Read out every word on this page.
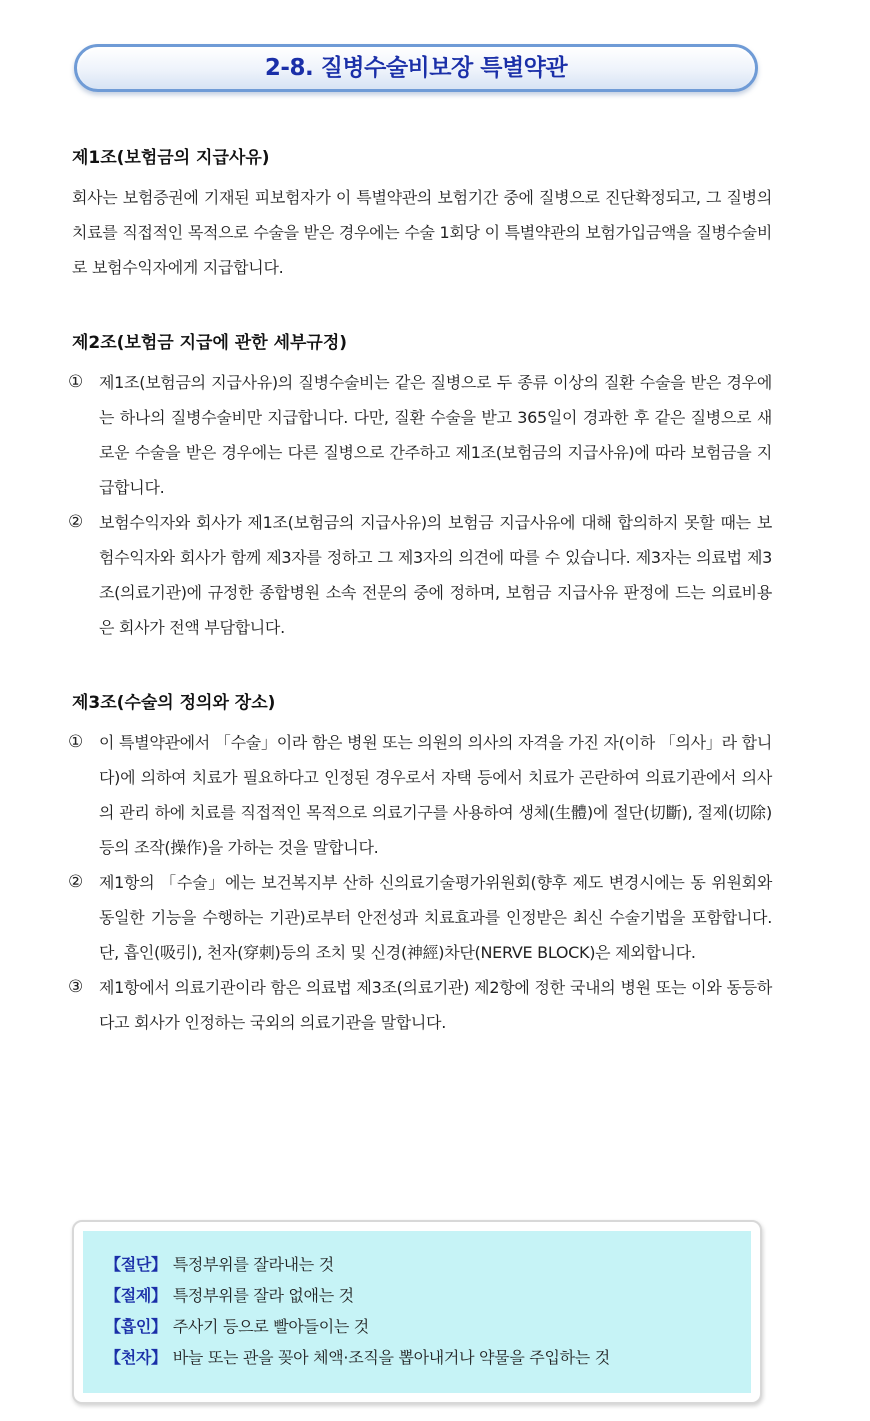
2-8. 질병수술비보장 특별약관
제1조(보험금의 지급사유)

회사는 보험증권에 기재된 피보험자가 이 특별약관의 보험기간 중에 질병으로 진단확정되고, 그 질병의 치료를 직접적인 목적으로 수술을 받은 경우에는 수술 1회당 이 특별약관의 보험가입금액을 질병수술비로 보험수익자에게 지급합니다.

제2조(보험금 지급에 관한 세부규정)
① 제1조(보험금의 지급사유)의 질병수술비는 같은 질병으로 두 종류 이상의 질환 수술을 받은 경우에는 하나의 질병수술비만 지급합니다. 다만, 질환 수술을 받고 365일이 경과한 후 같은 질병으로 새로운 수술을 받은 경우에는 다른 질병으로 간주하고 제1조(보험금의 지급사유)에 따라 보험금을 지급합니다.
② 보험수익자와 회사가 제1조(보험금의 지급사유)의 보험금 지급사유에 대해 합의하지 못할 때는 보험수익자와 회사가 함께 제3자를 정하고 그 제3자의 의견에 따를 수 있습니다. 제3자는 의료법 제3조(의료기관)에 규정한 종합병원 소속 전문의 중에 정하며, 보험금 지급사유 판정에 드는 의료비용은 회사가 전액 부담합니다.
제3조(수술의 정의와 장소)
① 이 특별약관에서 「수술」이라 함은 병원 또는 의원의 의사의 자격을 가진 자(이하 「의사」라 합니다)에 의하여 치료가 필요하다고 인정된 경우로서 자택 등에서 치료가 곤란하여 의료기관에서 의사의 관리 하에 치료를 직접적인 목적으로 의료기구를 사용하여 생체(生體)에 절단(切斷), 절제(切除) 등의 조작(操作)을 가하는 것을 말합니다.
② 제1항의 「수술」에는 보건복지부 산하 신의료기술평가위원회(향후 제도 변경시에는 동 위원회와 동일한 기능을 수행하는 기관)로부터 안전성과 치료효과를 인정받은 최신 수술기법을 포함합니다. 단, 흡인(吸引), 천자(穿刺)등의 조치 및 신경(神經)차단(NERVE BLOCK)은 제외합니다.
③ 제1항에서 의료기관이라 함은 의료법 제3조(의료기관) 제2항에 정한 국내의 병원 또는 이와 동등하다고 회사가 인정하는 국외의 의료기관을 말합니다.
【절단】 특정부위를 잘라내는 것
【절제】 특정부위를 잘라 없애는 것
【흡인】 주사기 등으로 빨아들이는 것
【천자】 바늘 또는 관을 꽂아 체액·조직을 뽑아내거나 약물을 주입하는 것
